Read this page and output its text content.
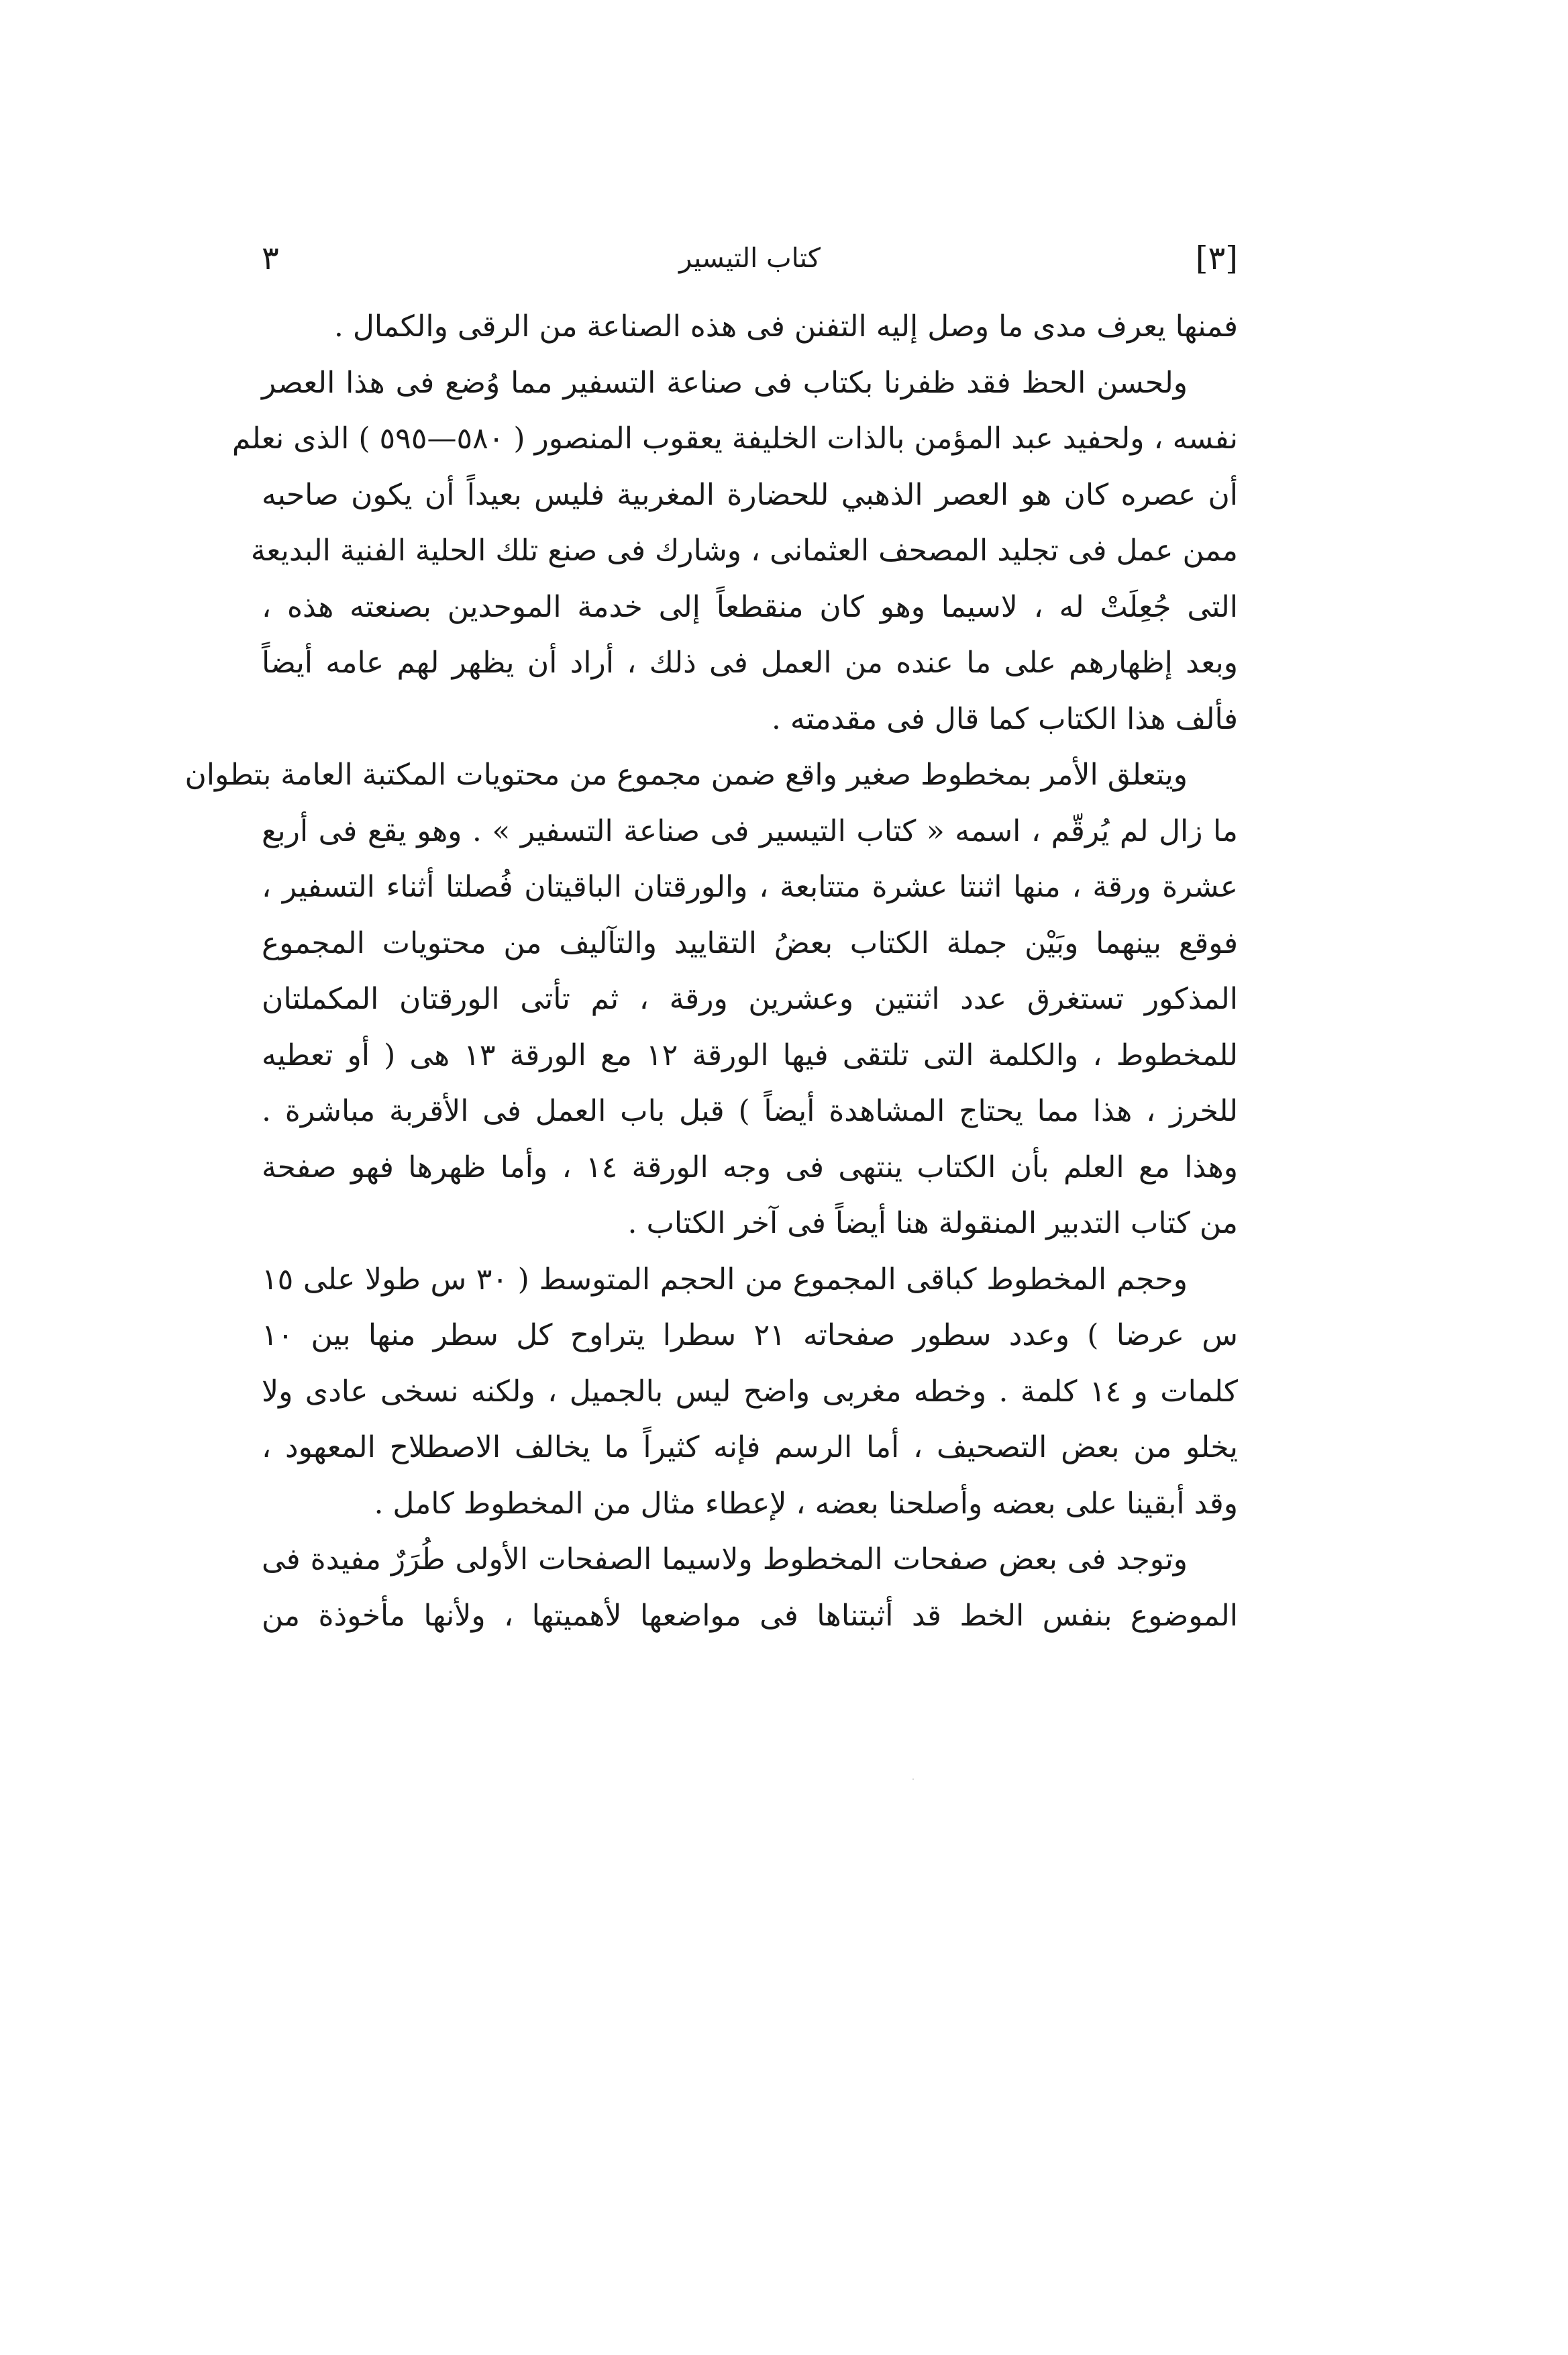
[٣]
كتاب التيسير
٣
فمنها يعرف مدى ما وصل إليه التفنن فى هذه الصناعة من الرقى والكمال .
ولحسن الحظ فقد ظفرنا بكتاب فى صناعة التسفير مما وُضع فى هذا العصر
نفسه ، ولحفيد عبد المؤمن بالذات الخليفة يعقوب المنصور ( ٥٨٠—٥٩٥ ) الذى نعلم
أن عصره كان هو العصر الذهبي للحضارة المغربية فليس بعيداً أن يكون صاحبه
ممن عمل فى تجليد المصحف العثمانى ، وشارك فى صنع تلك الحلية الفنية البديعة
التى جُعِلَتْ له ، لاسيما وهو كان منقطعاً إلى خدمة الموحدين بصنعته هذه ،
وبعد إظهارهم على ما عنده من العمل فى ذلك ، أراد أن يظهر لهم عامه أيضاً
فألف هذا الكتاب كما قال فى مقدمته .
ويتعلق الأمر بمخطوط صغير واقع ضمن مجموع من محتويات المكتبة العامة بتطوان
ما زال لم يُرقّم ، اسمه « كتاب التيسير فى صناعة التسفير » . وهو يقع فى أربع
عشرة ورقة ، منها اثنتا عشرة متتابعة ، والورقتان الباقيتان فُصلتا أثناء التسفير ،
فوقع بينهما وبَيْن جملة الكتاب بعضُ التقاييد والتآليف من محتويات المجموع
المذكور تستغرق عدد اثنتين وعشرين ورقة ، ثم تأتى الورقتان المكملتان
للمخطوط ، والكلمة التى تلتقى فيها الورقة ١٢ مع الورقة ١٣ هى ( أو تعطيه
للخرز ، هذا مما يحتاج المشاهدة أيضاً ) قبل باب العمل فى الأقربة مباشرة .
وهذا مع العلم بأن الكتاب ينتهى فى وجه الورقة ١٤ ، وأما ظهرها فهو صفحة
من كتاب التدبير المنقولة هنا أيضاً فى آخر الكتاب .
وحجم المخطوط كباقى المجموع من الحجم المتوسط ( ٣٠ س طولا على ١٥
س عرضا ) وعدد سطور صفحاته ٢١ سطرا يتراوح كل سطر منها بين ١٠
كلمات و ١٤ كلمة . وخطه مغربى واضح ليس بالجميل ، ولكنه نسخى عادى ولا
يخلو من بعض التصحيف ، أما الرسم فإنه كثيراً ما يخالف الاصطلاح المعهود ،
وقد أبقينا على بعضه وأصلحنا بعضه ، لإعطاء مثال من المخطوط كامل .
وتوجد فى بعض صفحات المخطوط ولاسيما الصفحات الأولى طُرَرٌ مفيدة فى
الموضوع بنفس الخط قد أثبتناها فى مواضعها لأهميتها ، ولأنها مأخوذة من
